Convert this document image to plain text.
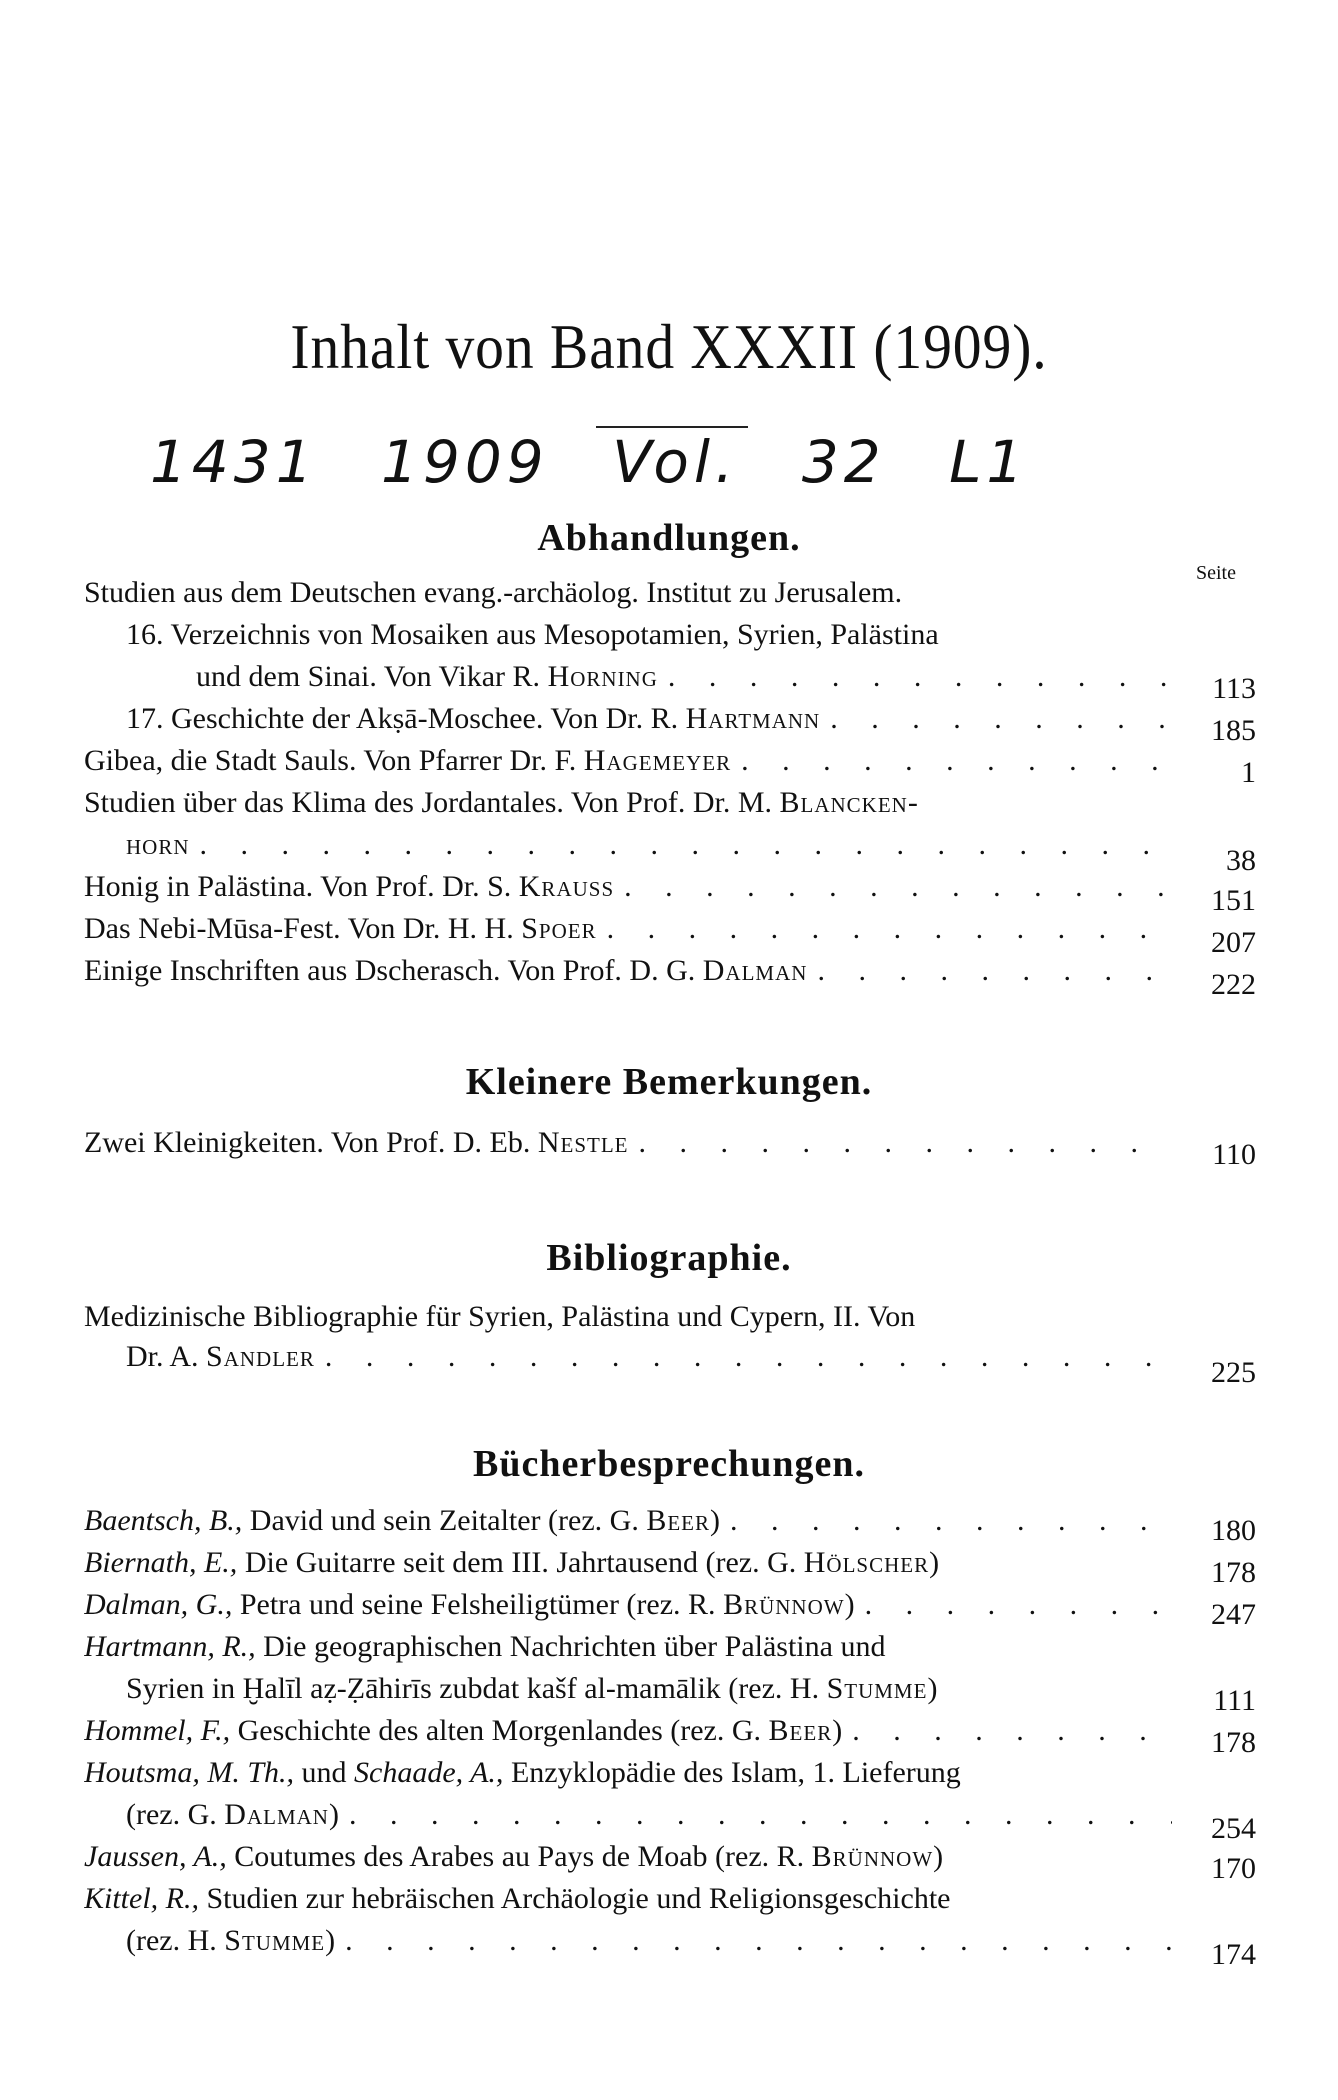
Inhalt von Band XXXII (1909).
1431 1909 Vol. 32 L1
Abhandlungen.
Seite
Studien aus dem Deutschen evang.-archäolog. Institut zu Jerusalem.
16. Verzeichnis von Mosaiken aus Mesopotamien, Syrien, Palästina
und dem Sinai. Von Vikar R.
Horning . . .	113
17. Geschichte der Akṣā-Moschee. Von Dr. R.
Hartmann . . .	185
Gibea, die Stadt Sauls. Von Pfarrer Dr. F.
Hagemeyer . . .	1
Studien über das Klima des Jordantales. Von Prof. Dr. M.
Blancken-
horn . . .	38
Honig in Palästina. Von Prof. Dr. S.
Krauss . . .	151
Das Nebi-Mūsa-Fest. Von Dr. H. H.
Spoer . . .	207
Einige Inschriften aus Dscherasch. Von Prof. D. G.
Dalman . . .	222
Kleinere Bemerkungen.
Zwei Kleinigkeiten. Von Prof. D. Eb.
Nestle . . .	110
Bibliographie.
Medizinische Bibliographie für Syrien, Palästina und Cypern, II. Von
Dr. A.
Sandler . . .	225
Bücherbesprechungen.
Baentsch, B.,
David und sein Zeitalter (rez. G.
Beer ) . . .	180
Biernath, E.,
Die Guitarre seit dem III. Jahrtausend (rez. G.
Hölscher )	178
Dalman, G.,
Petra und seine Felsheiligtümer (rez. R.
Brünnow ) . . .	247
Hartmann, R.,
Die geographischen Nachrichten über Palästina und
Syrien in Ḫalīl aẓ-Ẓāhirīs zubdat kašf al-mamālik (rez. H.
Stumme )	111
Hommel, F.,
Geschichte des alten Morgenlandes (rez. G.
Beer ) . . .	178
Houtsma, M. Th.,
und
Schaade, A.,
Enzyklopädie des Islam, 1. Lieferung
(rez. G.
Dalman ) . . .	254
Jaussen, A.,
Coutumes des Arabes au Pays de Moab (rez. R.
Brünnow )	170
Kittel, R.,
Studien zur hebräischen Archäologie und Religionsgeschichte
(rez. H.
Stumme ) . . .	174
